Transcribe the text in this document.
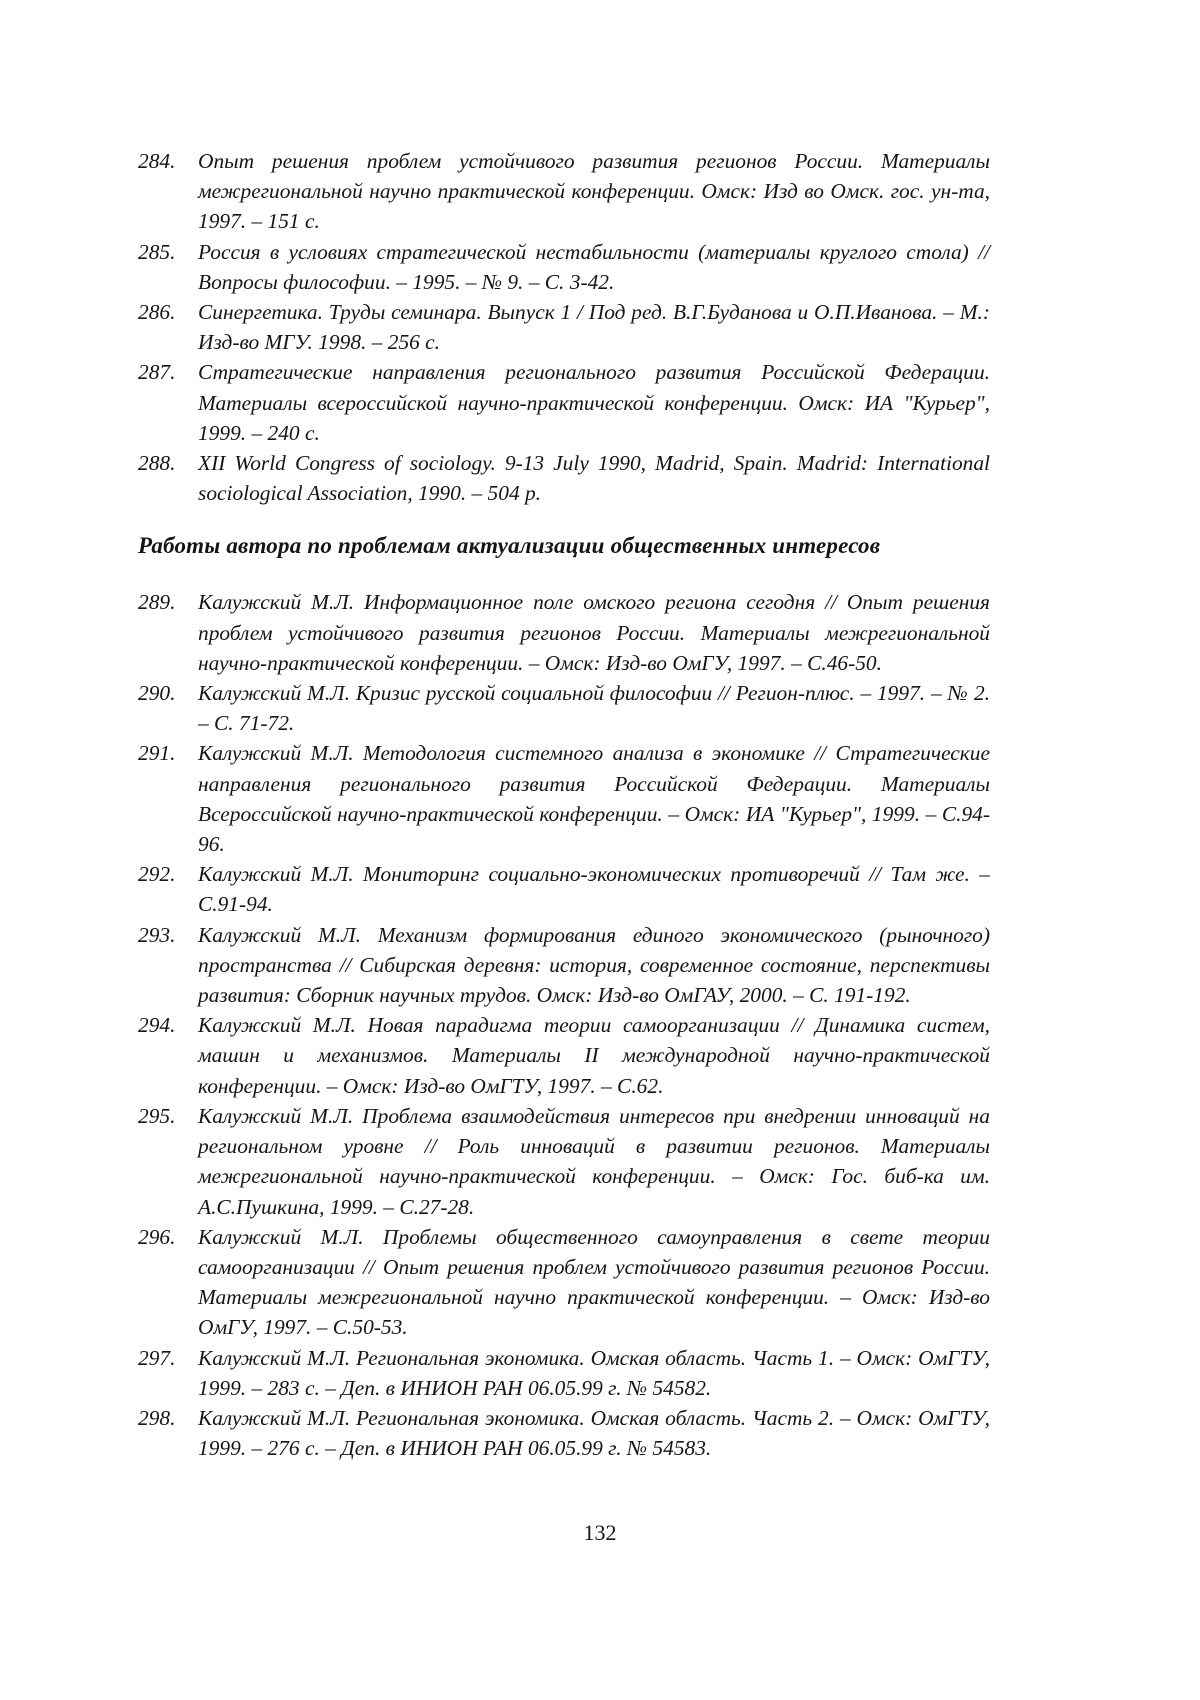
284.	Опыт решения проблем устойчивого развития регионов России. Материалы межрегиональной научно практической конференции. Омск: Изд во Омск. гос. ун-та, 1997. – 151 с.
285.	Россия в условиях стратегической нестабильности (материалы круглого стола) // Вопросы философии. – 1995. – № 9. – С. 3-42.
286.	Синергетика. Труды семинара. Выпуск 1 / Под ред. В.Г.Буданова и О.П.Иванова. – М.: Изд-во МГУ. 1998. – 256 с.
287.	Стратегические направления регионального развития Российской Федерации. Материалы всероссийской научно-практической конференции. Омск: ИА "Курьер", 1999. – 240 с.
288.	XII World Congress of sociology. 9-13 July 1990, Madrid, Spain. Madrid: International sociological Association, 1990. – 504 p.
Работы автора по проблемам актуализации общественных интересов
289.	Калужский М.Л. Информационное поле омского региона сегодня // Опыт решения проблем устойчивого развития регионов России. Материалы межрегиональной научно-практической конференции. – Омск: Изд-во ОмГУ, 1997. – С.46-50.
290.	Калужский М.Л. Кризис русской социальной философии // Регион-плюс. – 1997. – № 2. – С. 71-72.
291.	Калужский М.Л. Методология системного анализа в экономике // Стратегические направления регионального развития Российской Федерации. Материалы Всероссийской научно-практической конференции. – Омск: ИА "Курьер", 1999. – С.94-96.
292.	Калужский М.Л. Мониторинг социально-экономических противоречий // Там же. – С.91-94.
293.	Калужский М.Л. Механизм формирования единого экономического (рыночного) пространства // Сибирская деревня: история, современное состояние, перспективы развития: Сборник научных трудов. Омск: Изд-во ОмГАУ, 2000. – С. 191-192.
294.	Калужский М.Л. Новая парадигма теории самоорганизации // Динамика систем, машин и механизмов. Материалы II международной научно-практической конференции. – Омск: Изд-во ОмГТУ, 1997. – С.62.
295.	Калужский М.Л. Проблема взаимодействия интересов при внедрении инноваций на региональном уровне // Роль инноваций в развитии регионов. Материалы межрегиональной научно-практической конференции. – Омск: Гос. биб-ка им. А.С.Пушкина, 1999. – С.27-28.
296.	Калужский М.Л. Проблемы общественного самоуправления в свете теории самоорганизации // Опыт решения проблем устойчивого развития регионов России. Материалы межрегиональной научно практической конференции. – Омск: Изд-во ОмГУ, 1997. – С.50-53.
297.	Калужский М.Л. Региональная экономика. Омская область. Часть 1. – Омск: ОмГТУ, 1999. – 283 с. – Деп. в ИНИОН РАН 06.05.99 г. № 54582.
298.	Калужский М.Л. Региональная экономика. Омская область. Часть 2. – Омск: ОмГТУ, 1999. – 276 с. – Деп. в ИНИОН РАН 06.05.99 г. № 54583.
132
